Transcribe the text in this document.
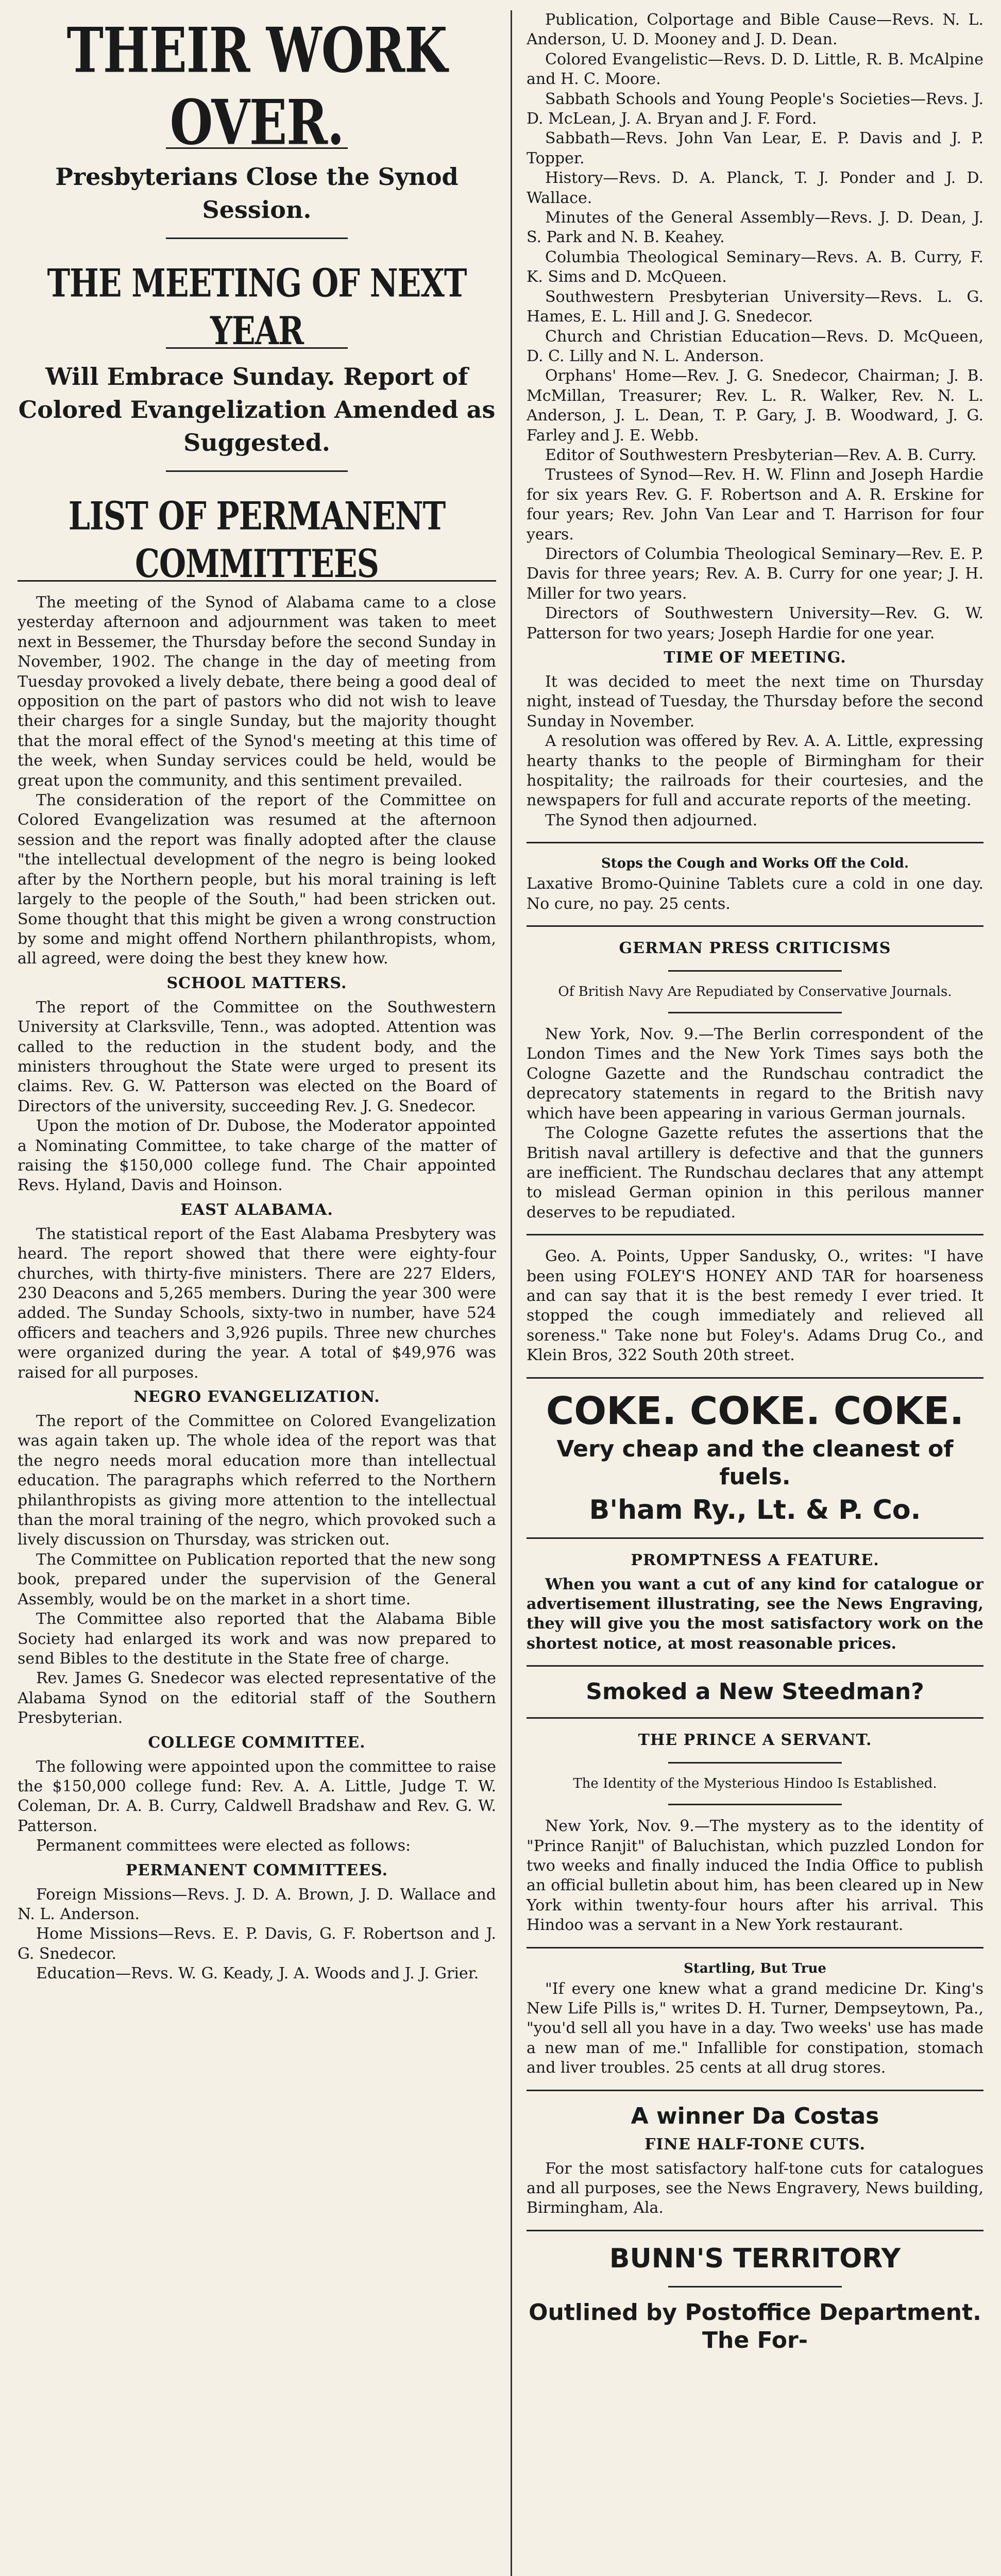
THEIR WORK OVER.
Presbyterians Close the Synod Session.
THE MEETING OF NEXT YEAR
Will Embrace Sunday. Report of Colored Evangelization Amended as Suggested.
LIST OF PERMANENT COMMITTEES

The meeting of the Synod of Alabama came to a close yesterday afternoon and adjournment was taken to meet next in Bessemer, the Thursday before the second Sunday in November, 1902. The change in the day of meeting from Tuesday provoked a lively debate, there being a good deal of opposition on the part of pastors who did not wish to leave their charges for a single Sunday, but the majority thought that the moral effect of the Synod's meeting at this time of the week, when Sunday services could be held, would be great upon the community, and this sentiment prevailed.

The consideration of the report of the Committee on Colored Evangelization was resumed at the afternoon session and the report was finally adopted after the clause "the intellectual development of the negro is being looked after by the Northern people, but his moral training is left largely to the people of the South," had been stricken out. Some thought that this might be given a wrong construction by some and might offend Northern philanthropists, whom, all agreed, were doing the best they knew how.

SCHOOL MATTERS.

The report of the Committee on the Southwestern University at Clarksville, Tenn., was adopted. Attention was called to the reduction in the student body, and the ministers throughout the State were urged to present its claims. Rev. G. W. Patterson was elected on the Board of Directors of the university, succeeding Rev. J. G. Snedecor.

Upon the motion of Dr. Dubose, the Moderator appointed a Nominating Committee, to take charge of the matter of raising the $150,000 college fund. The Chair appointed Revs. Hyland, Davis and Hoinson.

EAST ALABAMA.

The statistical report of the East Alabama Presbytery was heard. The report showed that there were eighty-four churches, with thirty-five ministers. There are 227 Elders, 230 Deacons and 5,265 members. During the year 300 were added. The Sunday Schools, sixty-two in number, have 524 officers and teachers and 3,926 pupils. Three new churches were organized during the year. A total of $49,976 was raised for all purposes.

NEGRO EVANGELIZATION.

The report of the Committee on Colored Evangelization was again taken up. The whole idea of the report was that the negro needs moral education more than intellectual education. The paragraphs which referred to the Northern philanthropists as giving more attention to the intellectual than the moral training of the negro, which provoked such a lively discussion on Thursday, was stricken out.

The Committee on Publication reported that the new song book, prepared under the supervision of the General Assembly, would be on the market in a short time.

The Committee also reported that the Alabama Bible Society had enlarged its work and was now prepared to send Bibles to the destitute in the State free of charge.

Rev. James G. Snedecor was elected representative of the Alabama Synod on the editorial staff of the Southern Presbyterian.

COLLEGE COMMITTEE.

The following were appointed upon the committee to raise the $150,000 college fund: Rev. A. A. Little, Judge T. W. Coleman, Dr. A. B. Curry, Caldwell Bradshaw and Rev. G. W. Patterson.

Permanent committees were elected as follows:

PERMANENT COMMITTEES.

Foreign Missions—Revs. J. D. A. Brown, J. D. Wallace and N. L. Anderson.

Home Missions—Revs. E. P. Davis, G. F. Robertson and J. G. Snedecor.

Education—Revs. W. G. Keady, J. A. Woods and J. J. Grier.

Publication, Colportage and Bible Cause—Revs. N. L. Anderson, U. D. Mooney and J. D. Dean.

Colored Evangelistic—Revs. D. D. Little, R. B. McAlpine and H. C. Moore.

Sabbath Schools and Young People's Societies—Revs. J. D. McLean, J. A. Bryan and J. F. Ford.

Sabbath—Revs. John Van Lear, E. P. Davis and J. P. Topper.

History—Revs. D. A. Planck, T. J. Ponder and J. D. Wallace.

Minutes of the General Assembly—Revs. J. D. Dean, J. S. Park and N. B. Keahey.

Columbia Theological Seminary—Revs. A. B. Curry, F. K. Sims and D. McQueen.

Southwestern Presbyterian University—Revs. L. G. Hames, E. L. Hill and J. G. Snedecor.

Church and Christian Education—Revs. D. McQueen, D. C. Lilly and N. L. Anderson.

Orphans' Home—Rev. J. G. Snedecor, Chairman; J. B. McMillan, Treasurer; Rev. L. R. Walker, Rev. N. L. Anderson, J. L. Dean, T. P. Gary, J. B. Woodward, J. G. Farley and J. E. Webb.

Editor of Southwestern Presbyterian—Rev. A. B. Curry.

Trustees of Synod—Rev. H. W. Flinn and Joseph Hardie for six years Rev. G. F. Robertson and A. R. Erskine for four years; Rev. John Van Lear and T. Harrison for four years.

Directors of Columbia Theological Seminary—Rev. E. P. Davis for three years; Rev. A. B. Curry for one year; J. H. Miller for two years.

Directors of Southwestern University—Rev. G. W. Patterson for two years; Joseph Hardie for one year.

TIME OF MEETING.

It was decided to meet the next time on Thursday night, instead of Tuesday, the Thursday before the second Sunday in November.

A resolution was offered by Rev. A. A. Little, expressing hearty thanks to the people of Birmingham for their hospitality; the railroads for their courtesies, and the newspapers for full and accurate reports of the meeting.

The Synod then adjourned.

Stops the Cough and Works Off the Cold.

Laxative Bromo-Quinine Tablets cure a cold in one day. No cure, no pay. 25 cents.

GERMAN PRESS CRITICISMS

Of British Navy Are Repudiated by Conservative Journals.

New York, Nov. 9.—The Berlin correspondent of the London Times and the New York Times says both the Cologne Gazette and the Rundschau contradict the deprecatory statements in regard to the British navy which have been appearing in various German journals.

The Cologne Gazette refutes the assertions that the British naval artillery is defective and that the gunners are inefficient. The Rundschau declares that any attempt to mislead German opinion in this perilous manner deserves to be repudiated.

Geo. A. Points, Upper Sandusky, O., writes: "I have been using FOLEY'S HONEY AND TAR for hoarseness and can say that it is the best remedy I ever tried. It stopped the cough immediately and relieved all soreness." Take none but Foley's. Adams Drug Co., and Klein Bros, 322 South 20th street.

COKE. COKE. COKE.

Very cheap and the cleanest of fuels.

B'ham Ry., Lt. & P. Co.

PROMPTNESS A FEATURE.

When you want a cut of any kind for catalogue or advertisement illustrating, see the News Engraving, they will give you the most satisfactory work on the shortest notice, at most reasonable prices.

Smoked a New Steedman?

THE PRINCE A SERVANT.

The Identity of the Mysterious Hindoo Is Established.

New York, Nov. 9.—The mystery as to the identity of "Prince Ranjit" of Baluchistan, which puzzled London for two weeks and finally induced the India Office to publish an official bulletin about him, has been cleared up in New York within twenty-four hours after his arrival. This Hindoo was a servant in a New York restaurant.

Startling, But True

"If every one knew what a grand medicine Dr. King's New Life Pills is," writes D. H. Turner, Dempseytown, Pa., "you'd sell all you have in a day. Two weeks' use has made a new man of me." Infallible for constipation, stomach and liver troubles. 25 cents at all drug stores.

A winner Da Costas

FINE HALF-TONE CUTS.

For the most satisfactory half-tone cuts for catalogues and all purposes, see the News Engravery, News building, Birmingham, Ala.

BUNN'S TERRITORY

Outlined by Postoffice Department. The For-
